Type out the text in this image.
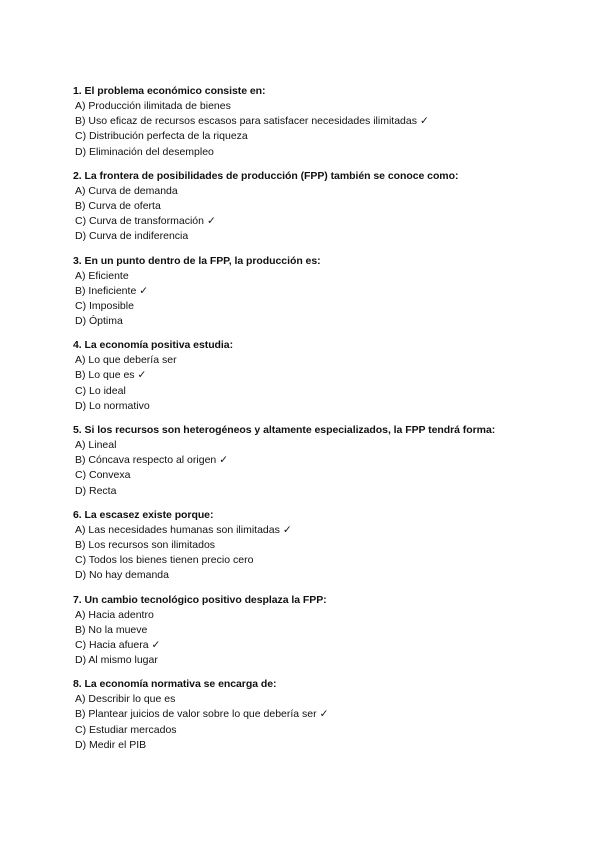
1. El problema económico consiste en:
A) Producción ilimitada de bienes
B) Uso eficaz de recursos escasos para satisfacer necesidades ilimitadas ✓
C) Distribución perfecta de la riqueza
D) Eliminación del desempleo
2. La frontera de posibilidades de producción (FPP) también se conoce como:
A) Curva de demanda
B) Curva de oferta
C) Curva de transformación ✓
D) Curva de indiferencia
3. En un punto dentro de la FPP, la producción es:
A) Eficiente
B) Ineficiente ✓
C) Imposible
D) Óptima
4. La economía positiva estudia:
A) Lo que debería ser
B) Lo que es ✓
C) Lo ideal
D) Lo normativo
5. Si los recursos son heterogéneos y altamente especializados, la FPP tendrá forma:
A) Lineal
B) Cóncava respecto al origen ✓
C) Convexa
D) Recta
6. La escasez existe porque:
A) Las necesidades humanas son ilimitadas ✓
B) Los recursos son ilimitados
C) Todos los bienes tienen precio cero
D) No hay demanda
7. Un cambio tecnológico positivo desplaza la FPP:
A) Hacia adentro
B) No la mueve
C) Hacia afuera ✓
D) Al mismo lugar
8. La economía normativa se encarga de:
A) Describir lo que es
B) Plantear juicios de valor sobre lo que debería ser ✓
C) Estudiar mercados
D) Medir el PIB
